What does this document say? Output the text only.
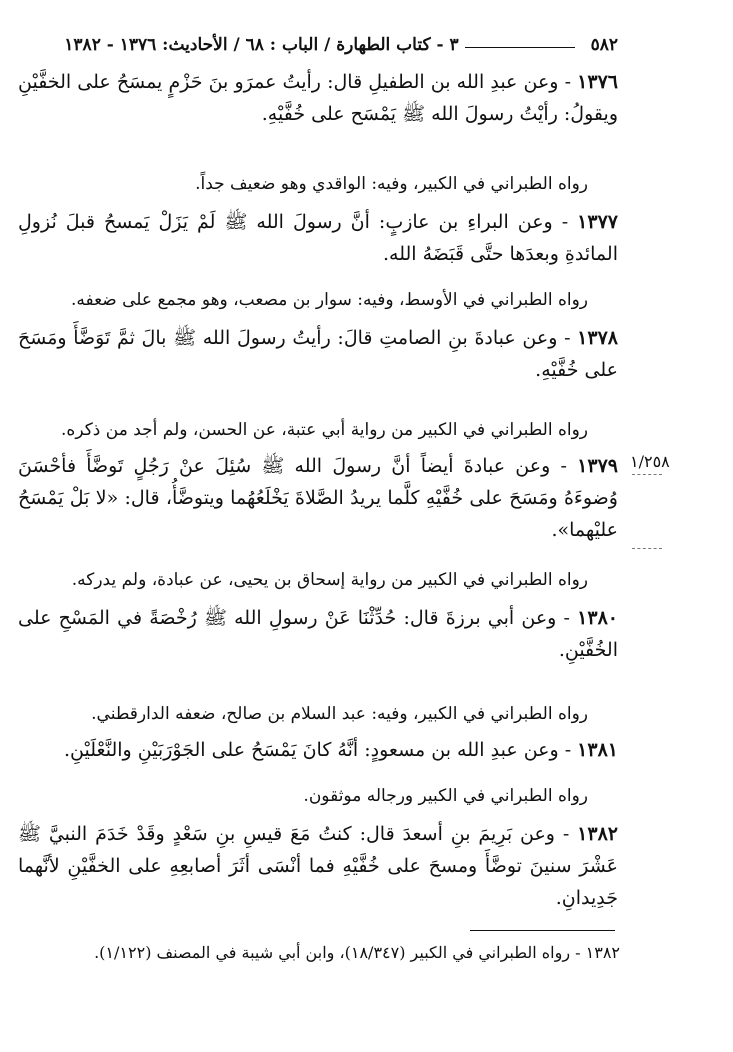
٥٨٢
٣ - كتاب الطهارة / الباب : ٦٨ / الأحاديث: ١٣٧٦ - ١٣٨٢
١٣٧٦ - وعن عبدِ الله بن الطفيلِ قال: رأيتُ عمرَو بنَ حَزْمٍ يمسَحُ على الخفَّيْنِ ويقولُ: رأيْتُ رسولَ الله ﷺ يَمْسَح على خُفَّيْهِ.
رواه الطبراني في الكبير، وفيه: الواقدي وهو ضعيف جداً.
١٣٧٧ - وعن البراءِ بن عازبٍ: أنَّ رسولَ الله ﷺ لَمْ يَزَلْ يَمسحُ قبلَ نُزولِ المائدةِ وبعدَها حتَّى قَبَضَهُ الله.
رواه الطبراني في الأوسط، وفيه: سوار بن مصعب، وهو مجمع على ضعفه.
١٣٧٨ - وعن عبادةَ بنِ الصامتِ قالَ: رأيتُ رسولَ الله ﷺ بالَ ثمَّ تَوَضَّأَ ومَسَحَ على خُفَّيْهِ.
رواه الطبراني في الكبير من رواية أبي عتبة، عن الحسن، ولم أجد من ذكره.
١/٢٥٨
١٣٧٩ - وعن عبادةَ أيضاً أنَّ رسولَ الله ﷺ سُئِلَ عنْ رَجُلٍ تَوضَّأَ فأحْسَنَ وُضوءَهُ ومَسَحَ على خُفَّيْهِ كلَّما يريدُ الصَّلاةَ يَخْلَعُهُما ويتوضَّأُ، قال: «لا بَلْ يَمْسَحُ عليْهما».
رواه الطبراني في الكبير من رواية إسحاق بن يحيى، عن عبادة، ولم يدركه.
١٣٨٠ - وعن أبي برزةَ قال: حُدِّثْنَا عَنْ رسولِ الله ﷺ رُخْصَةً في المَسْحِ على الخُفَّيْنِ.
رواه الطبراني في الكبير، وفيه: عبد السلام بن صالح، ضعفه الدارقطني.
١٣٨١ - وعن عبدِ الله بن مسعودٍ: أنَّهُ كانَ يَمْسَحُ على الجَوْرَبَيْنِ والنَّعْلَيْنِ.
رواه الطبراني في الكبير ورجاله موثقون.
١٣٨٢ - وعن بَرِيمَ بنِ أسعدَ قال: كنتُ مَعَ قيسِ بنِ سَعْدٍ وقَدْ خَدَمَ النبيَّ ﷺ عَشْرَ سنينَ توضَّأَ ومسحَ على خُفَّيْهِ فما أنْسَى أثَرَ أصابعِهِ على الخفَّيْنِ لأنَّهما جَدِيدانِ.
١٣٨٢ - رواه الطبراني في الكبير (١٨/٣٤٧)، وابن أبي شيبة في المصنف (١/١٢٢).
